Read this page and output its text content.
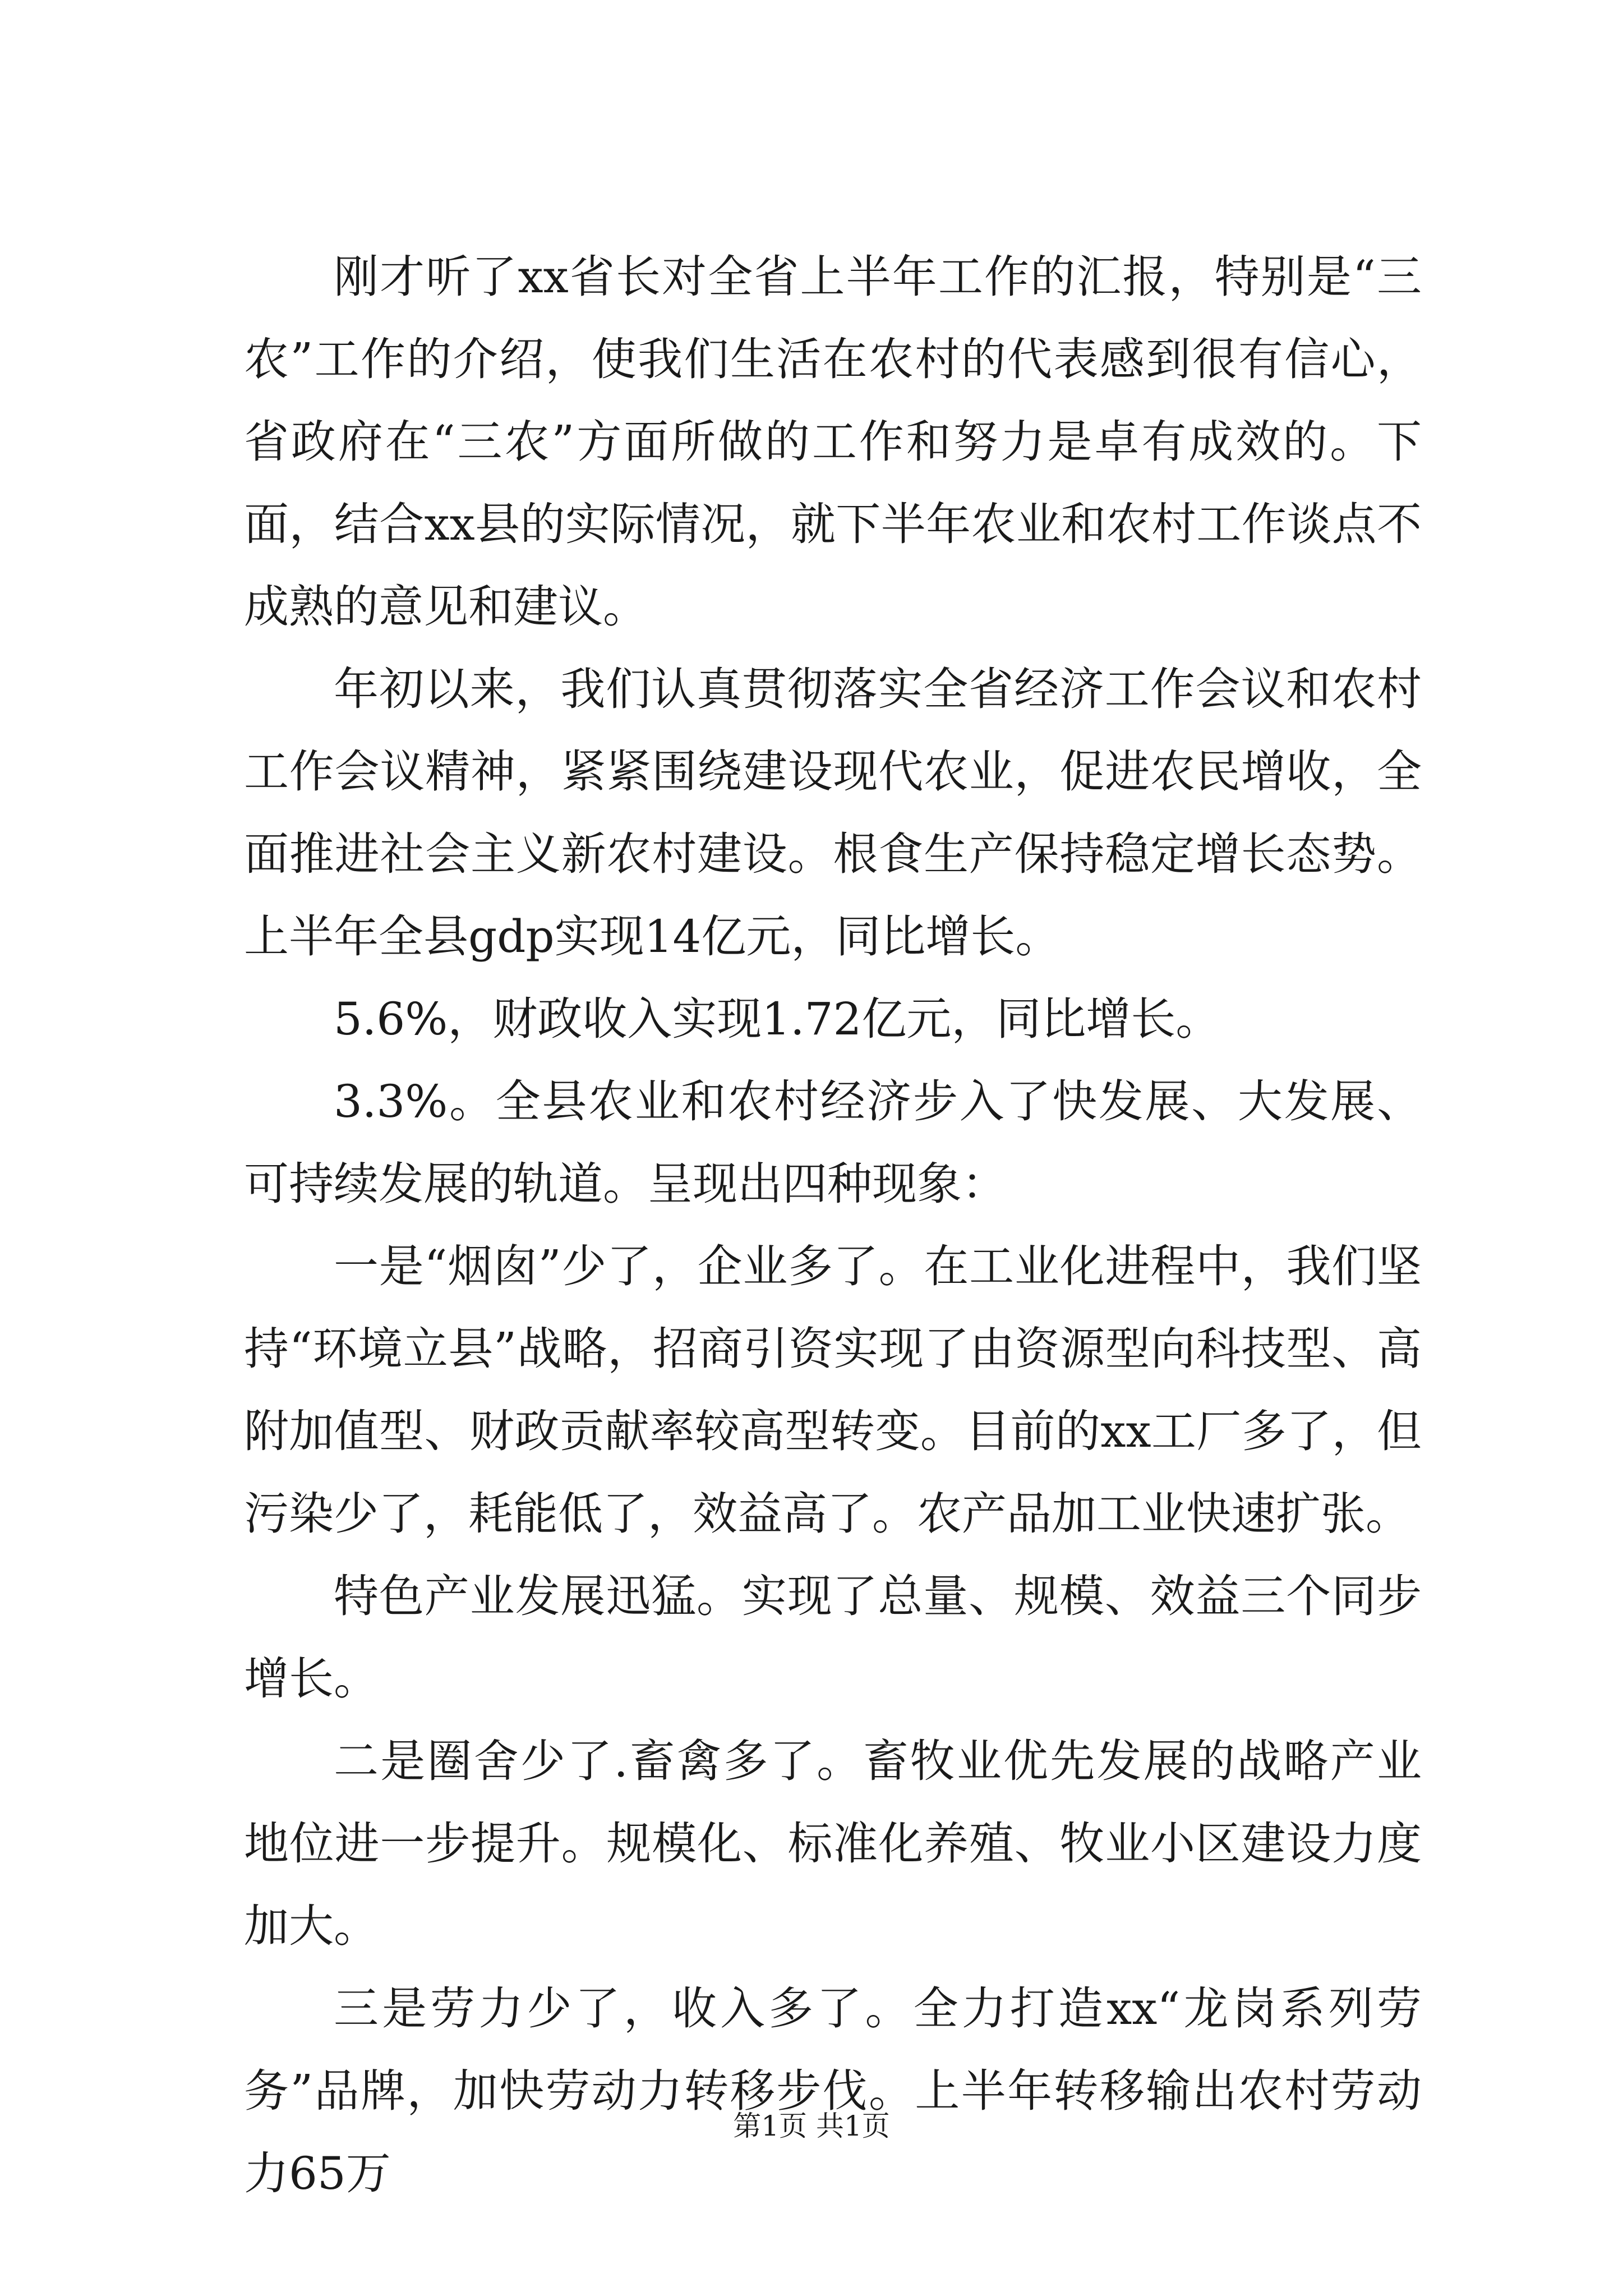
刚才听了xx省长对全省上半年工作的汇报，特别是“三农”工作的介绍，使我们生活在农村的代表感到很有信心，省政府在“三农”方面所做的工作和努力是卓有成效的。下面，结合xx县的实际情况，就下半年农业和农村工作谈点不成熟的意见和建议。

年初以来，我们认真贯彻落实全省经济工作会议和农村工作会议精神，紧紧围绕建设现代农业，促进农民增收，全面推进社会主义新农村建设。根食生产保持稳定增长态势。上半年全县gdp实现14亿元，同比增长。

5.6%，财政收入实现1.72亿元，同比增长。

3.3%。全县农业和农村经济步入了快发展、大发展、可持续发展的轨道。呈现出四种现象：

一是“烟囱”少了，企业多了。在工业化进程中，我们坚持“环境立县”战略，招商引资实现了由资源型向科技型、高附加值型、财政贡献率较高型转变。目前的xx工厂多了，但污染少了，耗能低了，效益高了。农产品加工业快速扩张。

特色产业发展迅猛。实现了总量、规模、效益三个同步增长。

二是圈舍少了.畜禽多了。畜牧业优先发展的战略产业地位进一步提升。规模化、标准化养殖、牧业小区建设力度加大。

三是劳力少了，收入多了。全力打造xx“龙岗系列劳务”品牌，加快劳动力转移步伐。上半年转移输出农村劳动力65万

第1页 共1页
